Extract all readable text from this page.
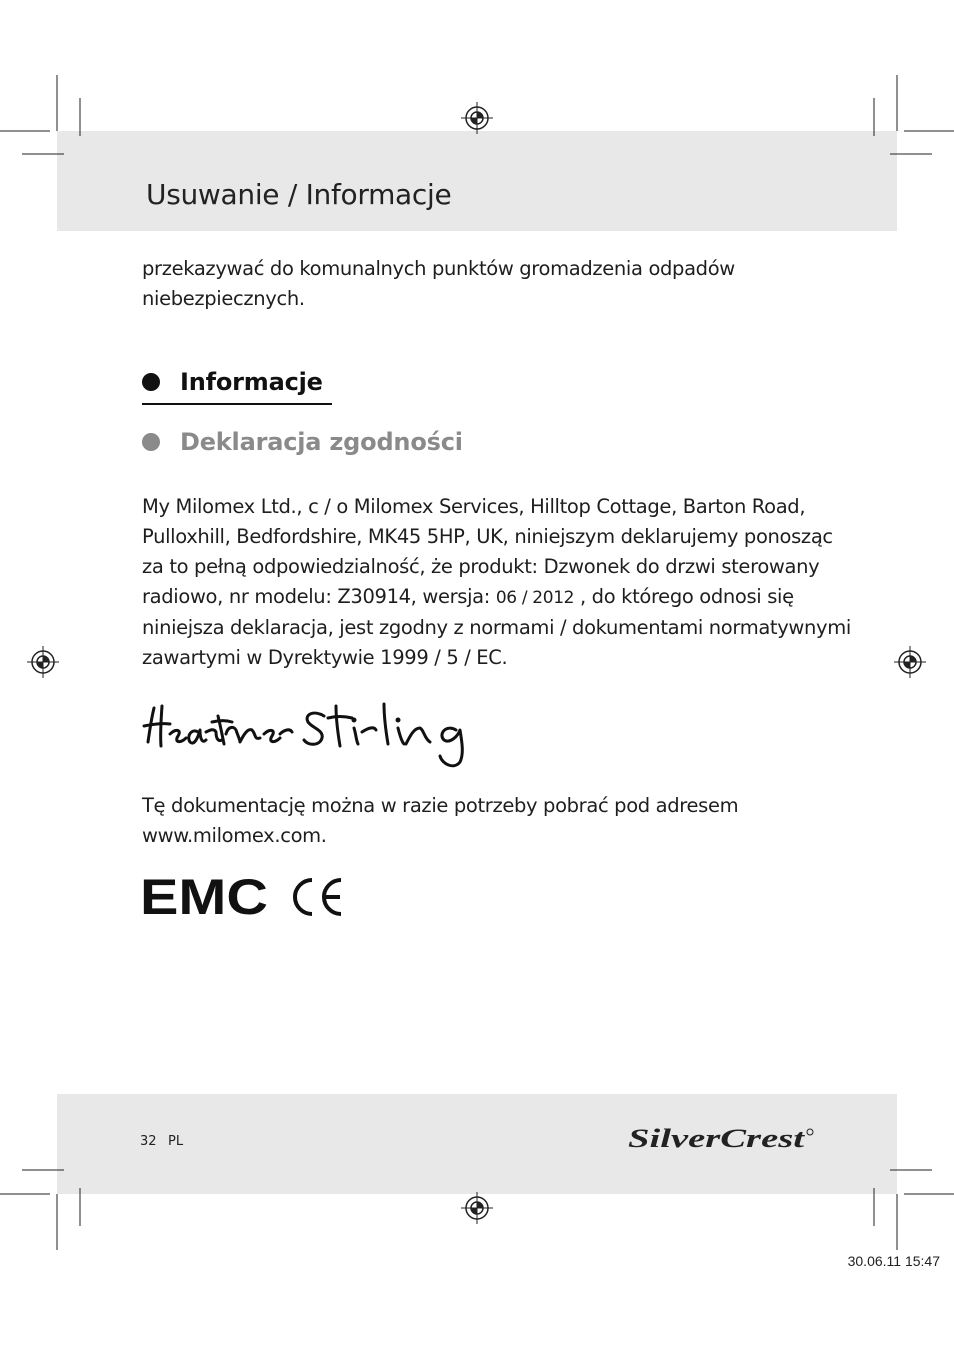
Usuwanie / Informacje

przekazywać do komunalnych punktów gromadzenia odpadów

niebezpiecznych.

Informacje
Deklaracja zgodności

My Milomex Ltd., c / o Milomex Services, Hilltop Cottage, Barton Road,

Pulloxhill, Bedfordshire, MK45 5HP, UK, niniejszym deklarujemy ponosząc

za to pełną odpowiedzialność, że produkt: Dzwonek do drzwi sterowany

radiowo, nr modelu: Z30914, wersja: 06 / 2012 , do którego odnosi się

niniejsza deklaracja, jest zgodny z normami / dokumentami normatywnymi

zawartymi w Dyrektywie 1999 / 5 / EC.

Tę dokumentację można w razie potrzeby pobrać pod adresem

www.milomex.com.

EMC
32 PL	SilverCrest
30.06.11 15:47
